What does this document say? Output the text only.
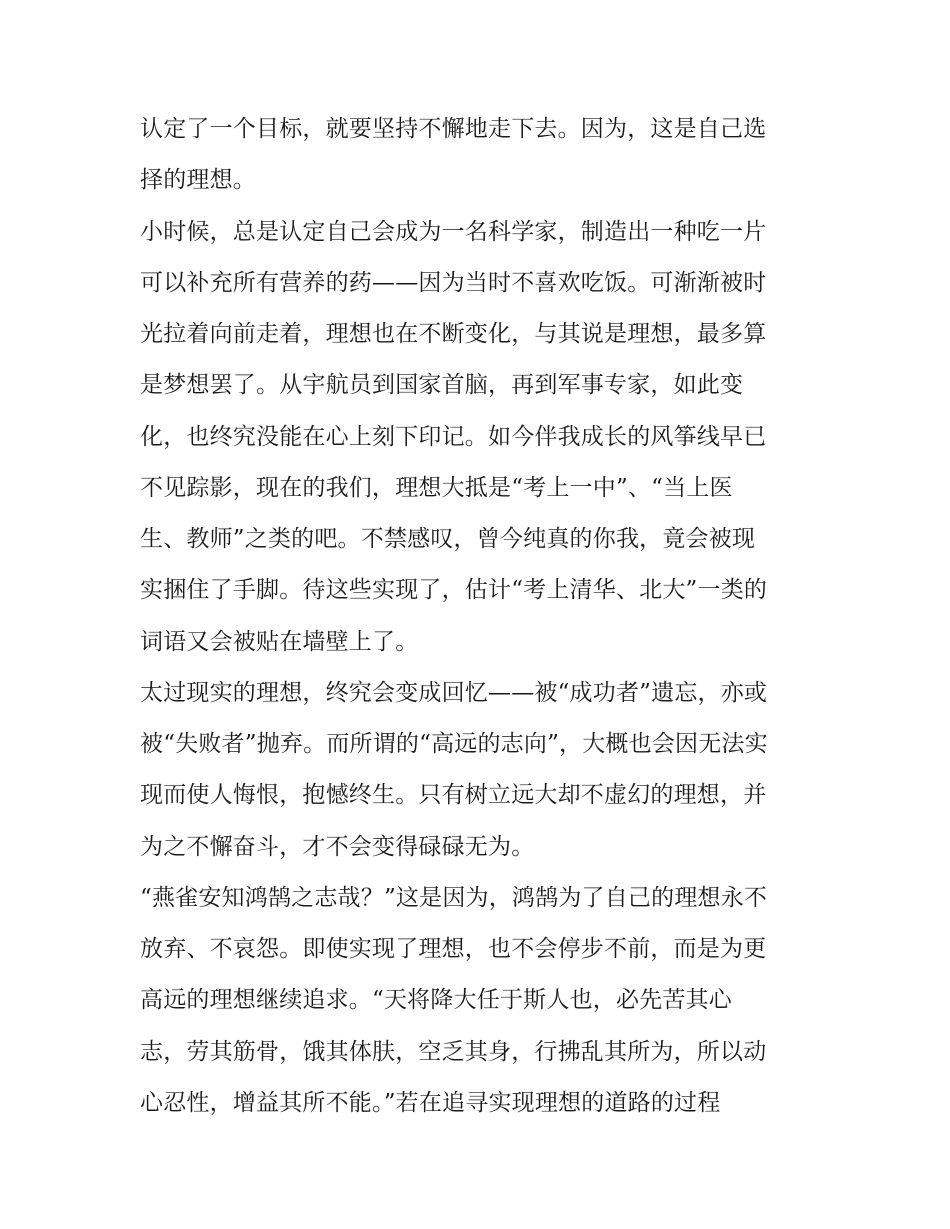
认定了一个目标，就要坚持不懈地走下去。因为，这是自己选
择的理想。
小时候，总是认定自己会成为一名科学家，制造出一种吃一片
可以补充所有营养的药——因为当时不喜欢吃饭。可渐渐被时
光拉着向前走着，理想也在不断变化，与其说是理想，最多算
是梦想罢了。从宇航员到国家首脑，再到军事专家，如此变
化，也终究没能在心上刻下印记。如今伴我成长的风筝线早已
不见踪影，现在的我们，理想大抵是“考上一中”、“当上医
生、教师”之类的吧。不禁感叹，曾今纯真的你我，竟会被现
实捆住了手脚。待这些实现了，估计“考上清华、北大”一类的
词语又会被贴在墙壁上了。
太过现实的理想，终究会变成回忆——被“成功者”遗忘，亦或
被“失败者”抛弃。而所谓的“高远的志向”，大概也会因无法实
现而使人悔恨，抱憾终生。只有树立远大却不虚幻的理想，并
为之不懈奋斗，才不会变得碌碌无为。
“燕雀安知鸿鹄之志哉？”这是因为，鸿鹄为了自己的理想永不
放弃、不哀怨。即使实现了理想，也不会停步不前，而是为更
高远的理想继续追求。“天将降大任于斯人也，必先苦其心
志，劳其筋骨，饿其体肤，空乏其身，行拂乱其所为，所以动
心忍性，增益其所不能。”若在追寻实现理想的道路的过程
